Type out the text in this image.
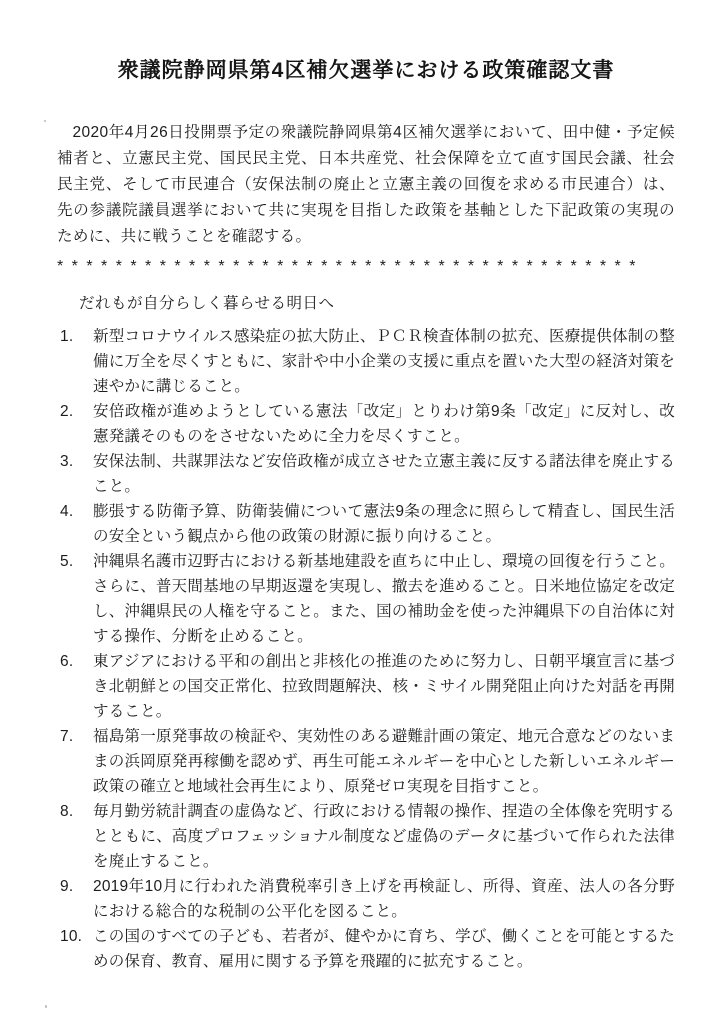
衆議院静岡県第4区補欠選挙における政策確認文書

2020年4月26日投開票予定の衆議院静岡県第4区補欠選挙において、田中健・予定候補者と、立憲民主党、国民民主党、日本共産党、社会保障を立て直す国民会議、社会民主党、そして市民連合（安保法制の廃止と立憲主義の回復を求める市民連合）は、先の参議院議員選挙において共に実現を目指した政策を基軸とした下記政策の実現のために、共に戦うことを確認する。

* * * * * * * * * * * * * * * * * * * * * * * * * * * * * * * * * * * * * * * *

だれもが自分らしく暮らせる明日へ

1.	新型コロナウイルス感染症の拡大防止、ＰＣＲ検査体制の拡充、医療提供体制の整備に万全を尽くすともに、家計や中小企業の支援に重点を置いた大型の経済対策を速やかに講じること。
2.	安倍政権が進めようとしている憲法「改定」とりわけ第9条「改定」に反対し、改憲発議そのものをさせないために全力を尽くすこと。
3.	安保法制、共謀罪法など安倍政権が成立させた立憲主義に反する諸法律を廃止すること。
4.	膨張する防衛予算、防衛装備について憲法9条の理念に照らして精査し、国民生活の安全という観点から他の政策の財源に振り向けること。
5.	沖縄県名護市辺野古における新基地建設を直ちに中止し、環境の回復を行うこと。さらに、普天間基地の早期返還を実現し、撤去を進めること。日米地位協定を改定し、沖縄県民の人権を守ること。また、国の補助金を使った沖縄県下の自治体に対する操作、分断を止めること。
6.	東アジアにおける平和の創出と非核化の推進のために努力し、日朝平壌宣言に基づき北朝鮮との国交正常化、拉致問題解決、核・ミサイル開発阻止向けた対話を再開すること。
7.	福島第一原発事故の検証や、実効性のある避難計画の策定、地元合意などのないままの浜岡原発再稼働を認めず、再生可能エネルギーを中心とした新しいエネルギー政策の確立と地域社会再生により、原発ゼロ実現を目指すこと。
8.	毎月勤労統計調査の虚偽など、行政における情報の操作、捏造の全体像を究明するとともに、高度プロフェッショナル制度など虚偽のデータに基づいて作られた法律を廃止すること。
9.	2019年10月に行われた消費税率引き上げを再検証し、所得、資産、法人の各分野における総合的な税制の公平化を図ること。
10. この国のすべての子ども、若者が、健やかに育ち、学び、働くことを可能とするための保育、教育、雇用に関する予算を飛躍的に拡充すること。
